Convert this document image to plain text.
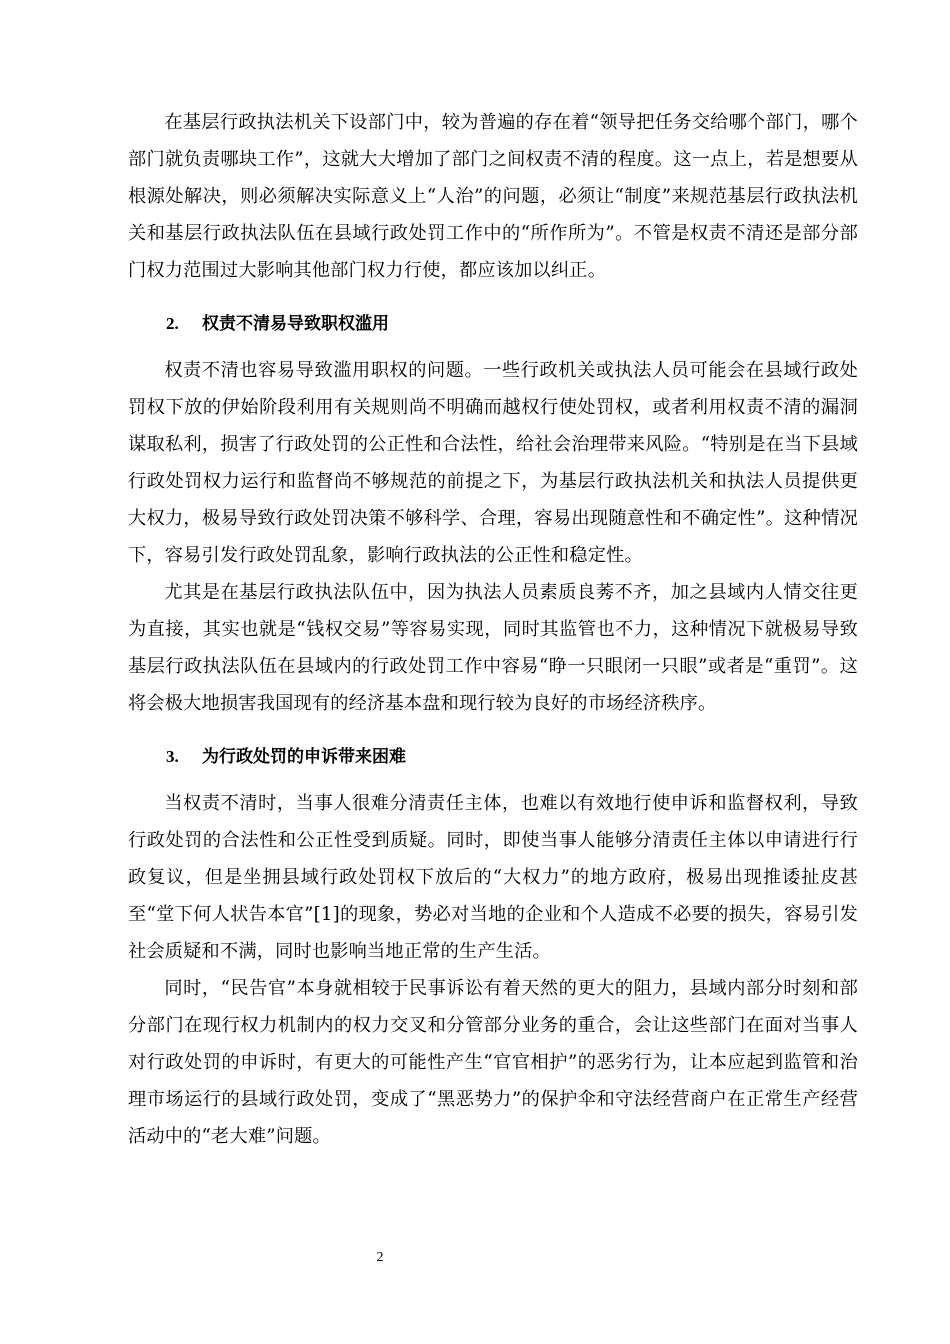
在基层行政执法机关下设部门中，较为普遍的存在着“领导把任务交给哪个部门，哪个部门就负责哪块工作”，这就大大增加了部门之间权责不清的程度。这一点上，若是想要从根源处解决，则必须解决实际意义上“人治”的问题，必须让“制度”来规范基层行政执法机关和基层行政执法队伍在县域行政处罚工作中的“所作所为”。不管是权责不清还是部分部门权力范围过大影响其他部门权力行使，都应该加以纠正。

2. 权责不清易导致职权滥用

权责不清也容易导致滥用职权的问题。一些行政机关或执法人员可能会在县域行政处罚权下放的伊始阶段利用有关规则尚不明确而越权行使处罚权，或者利用权责不清的漏洞谋取私利，损害了行政处罚的公正性和合法性，给社会治理带来风险。“特别是在当下县域行政处罚权力运行和监督尚不够规范的前提之下，为基层行政执法机关和执法人员提供更大权力，极易导致行政处罚决策不够科学、合理，容易出现随意性和不确定性”。这种情况下，容易引发行政处罚乱象，影响行政执法的公正性和稳定性。

尤其是在基层行政执法队伍中，因为执法人员素质良莠不齐，加之县域内人情交往更为直接，其实也就是“钱权交易”等容易实现，同时其监管也不力，这种情况下就极易导致基层行政执法队伍在县域内的行政处罚工作中容易“睁一只眼闭一只眼”或者是“重罚”。这将会极大地损害我国现有的经济基本盘和现行较为良好的市场经济秩序。

3. 为行政处罚的申诉带来困难

当权责不清时，当事人很难分清责任主体，也难以有效地行使申诉和监督权利，导致行政处罚的合法性和公正性受到质疑。同时，即使当事人能够分清责任主体以申请进行行政复议，但是坐拥县域行政处罚权下放后的“大权力”的地方政府，极易出现推诿扯皮甚至“堂下何人状告本官”[1]的现象，势必对当地的企业和个人造成不必要的损失，容易引发社会质疑和不满，同时也影响当地正常的生产生活。

同时，“民告官”本身就相较于民事诉讼有着天然的更大的阻力，县域内部分时刻和部分部门在现行权力机制内的权力交叉和分管部分业务的重合，会让这些部门在面对当事人对行政处罚的申诉时，有更大的可能性产生“官官相护”的恶劣行为，让本应起到监管和治理市场运行的县域行政处罚，变成了“黑恶势力”的保护伞和守法经营商户在正常生产经营活动中的“老大难”问题。

2
